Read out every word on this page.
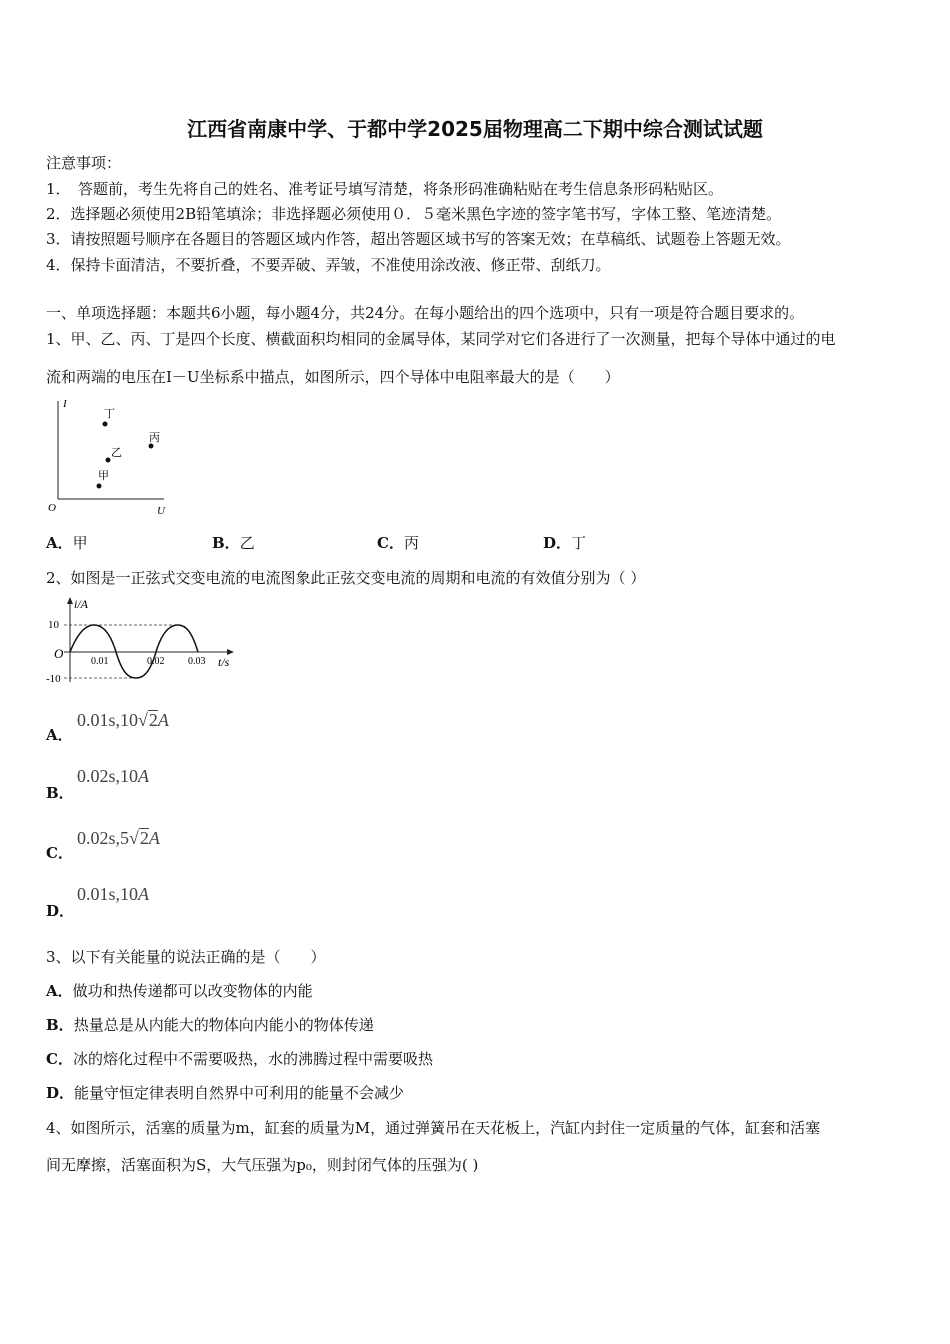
江西省南康中学、于都中学2025届物理高二下期中综合测试试题
注意事项：
1．　答题前，考生先将自己的姓名、准考证号填写清楚，将条形码准确粘贴在考生信息条形码粘贴区。
2．选择题必须使用2B铅笔填涂；非选择题必须使用０．５毫米黑色字迹的签字笔书写，字体工整、笔迹清楚。
3．请按照题号顺序在各题目的答题区域内作答，超出答题区域书写的答案无效；在草稿纸、试题卷上答题无效。
4．保持卡面清洁，不要折叠，不要弄破、弄皱，不准使用涂改液、修正带、刮纸刀。
一、单项选择题：本题共6小题，每小题4分，共24分。在每小题给出的四个选项中，只有一项是符合题目要求的。
1、甲、乙、丙、丁是四个长度、横截面积均相同的金属导体，某同学对它们各进行了一次测量，把每个导体中通过的电
流和两端的电压在I－U坐标系中描点，如图所示，四个导体中电阻率最大的是（　　）
I
U
O
丁
乙
丙
甲
A．甲	B．乙	C．丙	D．丁
2、如图是一正弦式交变电流的电流图象此正弦交变电流的周期和电流的有效值分别为（ ）
i/A
t/s
O
10
-10
0.01	0.02 0.03
A．
0.01s,10√2A
B．
0.02s,10A
C．
0.02s,5√2A
D．
0.01s,10A
3、以下有关能量的说法正确的是（　　）
A．做功和热传递都可以改变物体的内能
B．热量总是从内能大的物体向内能小的物体传递
C．冰的熔化过程中不需要吸热，水的沸腾过程中需要吸热
D．能量守恒定律表明自然界中可利用的能量不会减少
4、如图所示，活塞的质量为m，缸套的质量为M，通过弹簧吊在天花板上，汽缸内封住一定质量的气体，缸套和活塞
间无摩擦，活塞面积为S，大气压强为p₀，则封闭气体的压强为( )
